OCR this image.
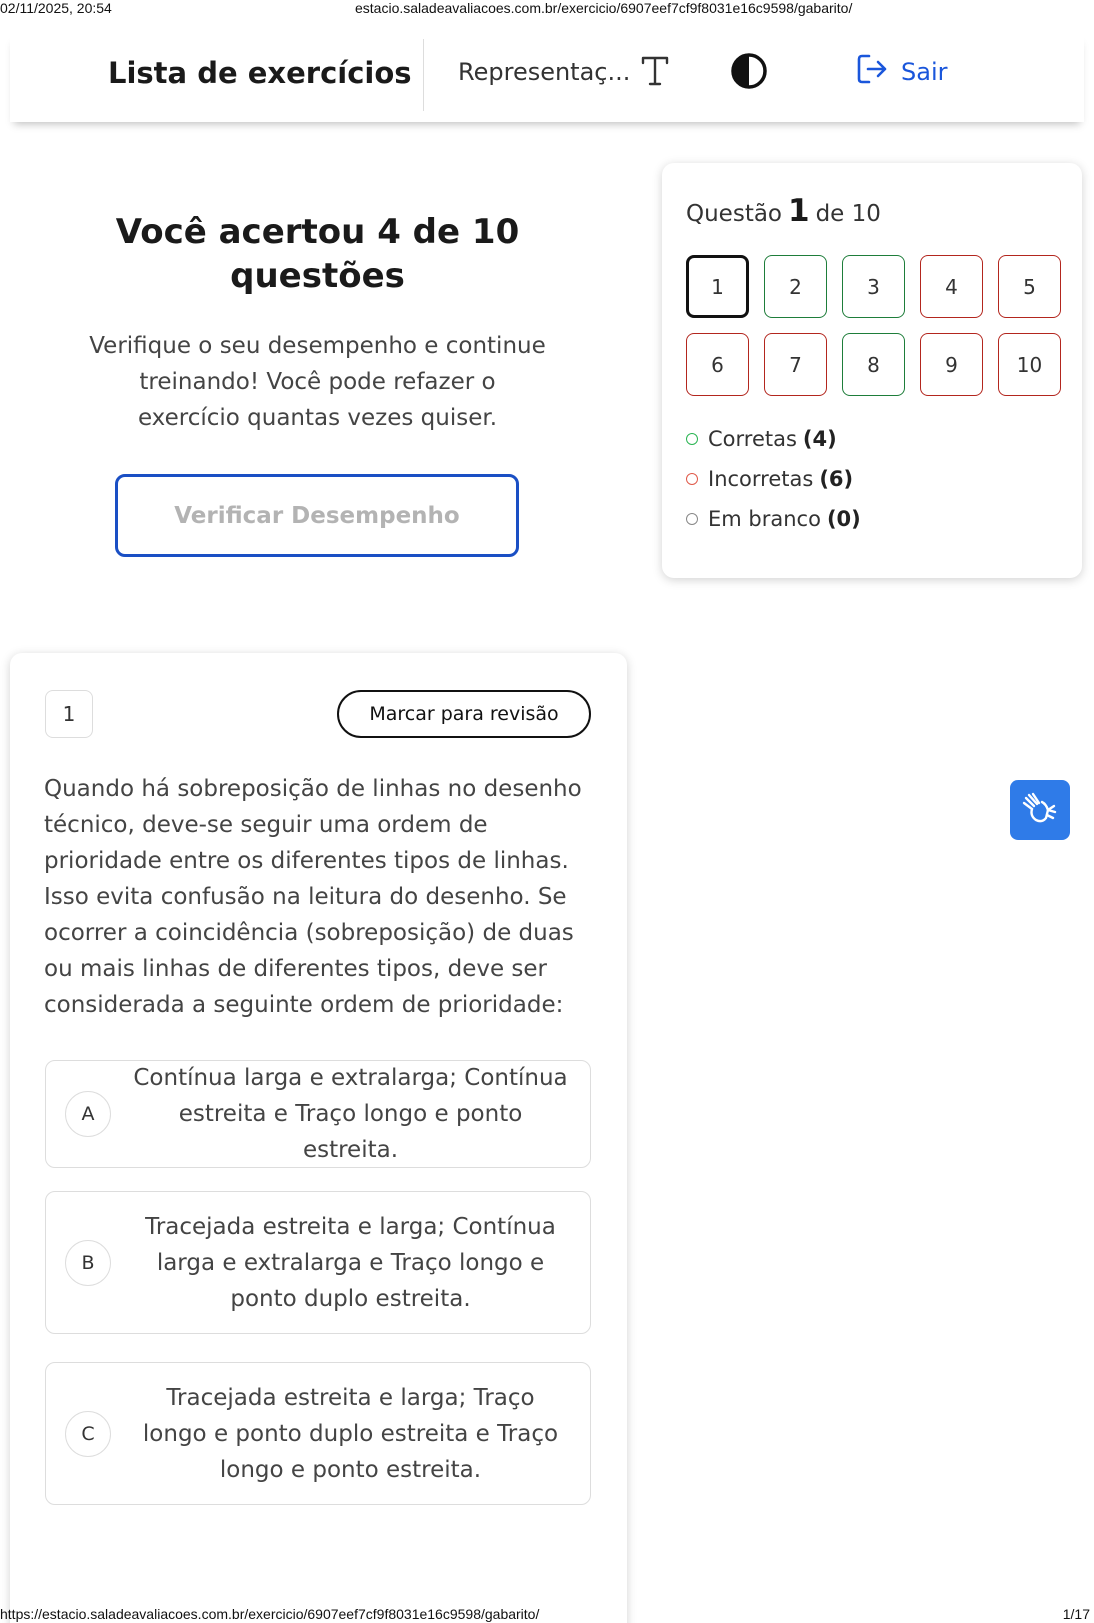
02/11/2025, 20:54	estacio.saladeavaliacoes.com.br/exercicio/6907eef7cf9f8031e16c9598/gabarito/
Lista de exercícios Representaç...	Sair
Você acertou 4 de 10 questões

Verifique o seu desempenho e continue treinando! Você pode refazer o exercício quantas vezes quiser.

Verificar Desempenho
Questão 1 de 10
1	2	3	4	5
6	7	8	9	10
Corretas (4)
Incorretas (6)
Em branco (0)
1	Marcar para revisão
Quando há sobreposição de linhas no desenho técnico, deve-se seguir uma ordem de prioridade entre os diferentes tipos de linhas. Isso evita confusão na leitura do desenho. Se ocorrer a coincidência (sobreposição) de duas ou mais linhas de diferentes tipos, deve ser considerada a seguinte ordem de prioridade:
A
Contínua larga e extralarga; Contínua estreita e Traço longo e ponto estreita.
B
Tracejada estreita e larga; Contínua larga e extralarga e Traço longo e ponto duplo estreita.
C
Tracejada estreita e larga; Traço longo e ponto duplo estreita e Traço longo e ponto estreita.
https://estacio.saladeavaliacoes.com.br/exercicio/6907eef7cf9f8031e16c9598/gabarito/	1/17
